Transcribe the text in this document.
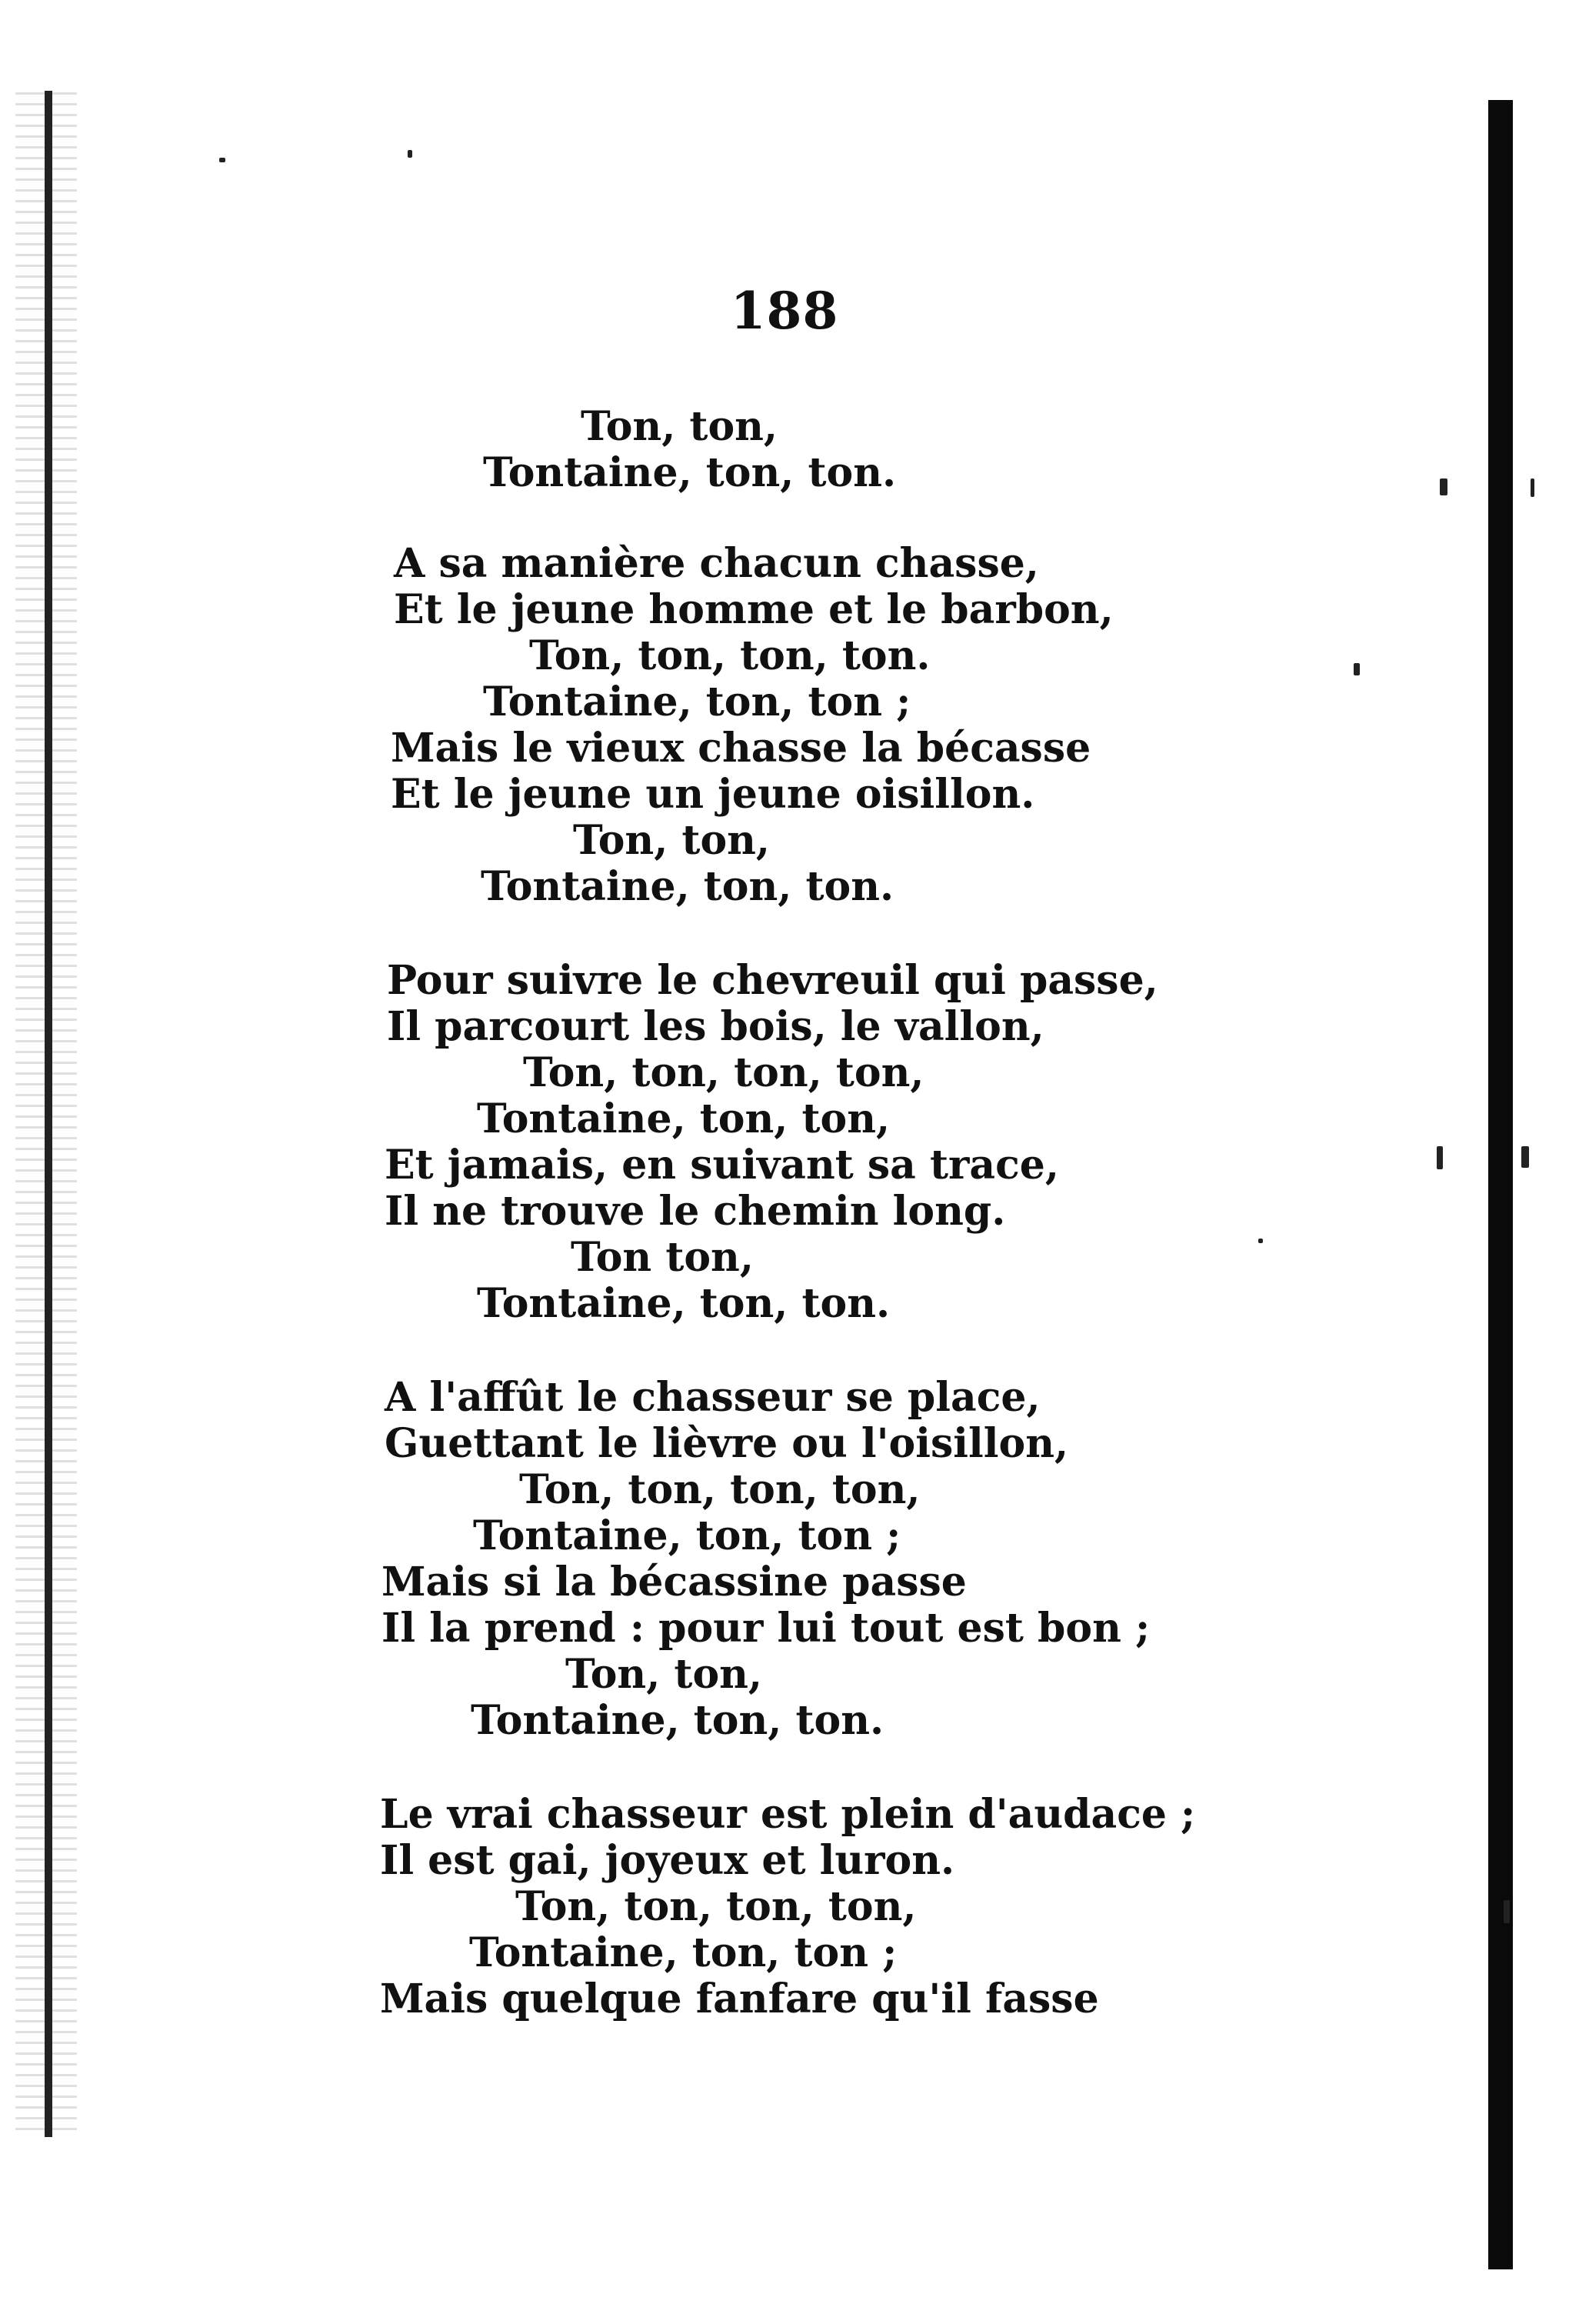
188
Ton, ton,
Tontaine, ton, ton.
A sa manière chacun chasse,
Et le jeune homme et le barbon,
Ton, ton, ton, ton.
Tontaine, ton, ton ;
Mais le vieux chasse la bécasse
Et le jeune un jeune oisillon.
Ton, ton,
Tontaine, ton, ton.
Pour suivre le chevreuil qui passe,
Il parcourt les bois, le vallon,
Ton, ton, ton, ton,
Tontaine, ton, ton,
Et jamais, en suivant sa trace,
Il ne trouve le chemin long.
Ton ton,
Tontaine, ton, ton.
A l'affût le chasseur se place,
Guettant le lièvre ou l'oisillon,
Ton, ton, ton, ton,
Tontaine, ton, ton ;
Mais si la bécassine passe
Il la prend : pour lui tout est bon ;
Ton, ton,
Tontaine, ton, ton.
Le vrai chasseur est plein d'audace ;
Il est gai, joyeux et luron.
Ton, ton, ton, ton,
Tontaine, ton, ton ;
Mais quelque fanfare qu'il fasse
